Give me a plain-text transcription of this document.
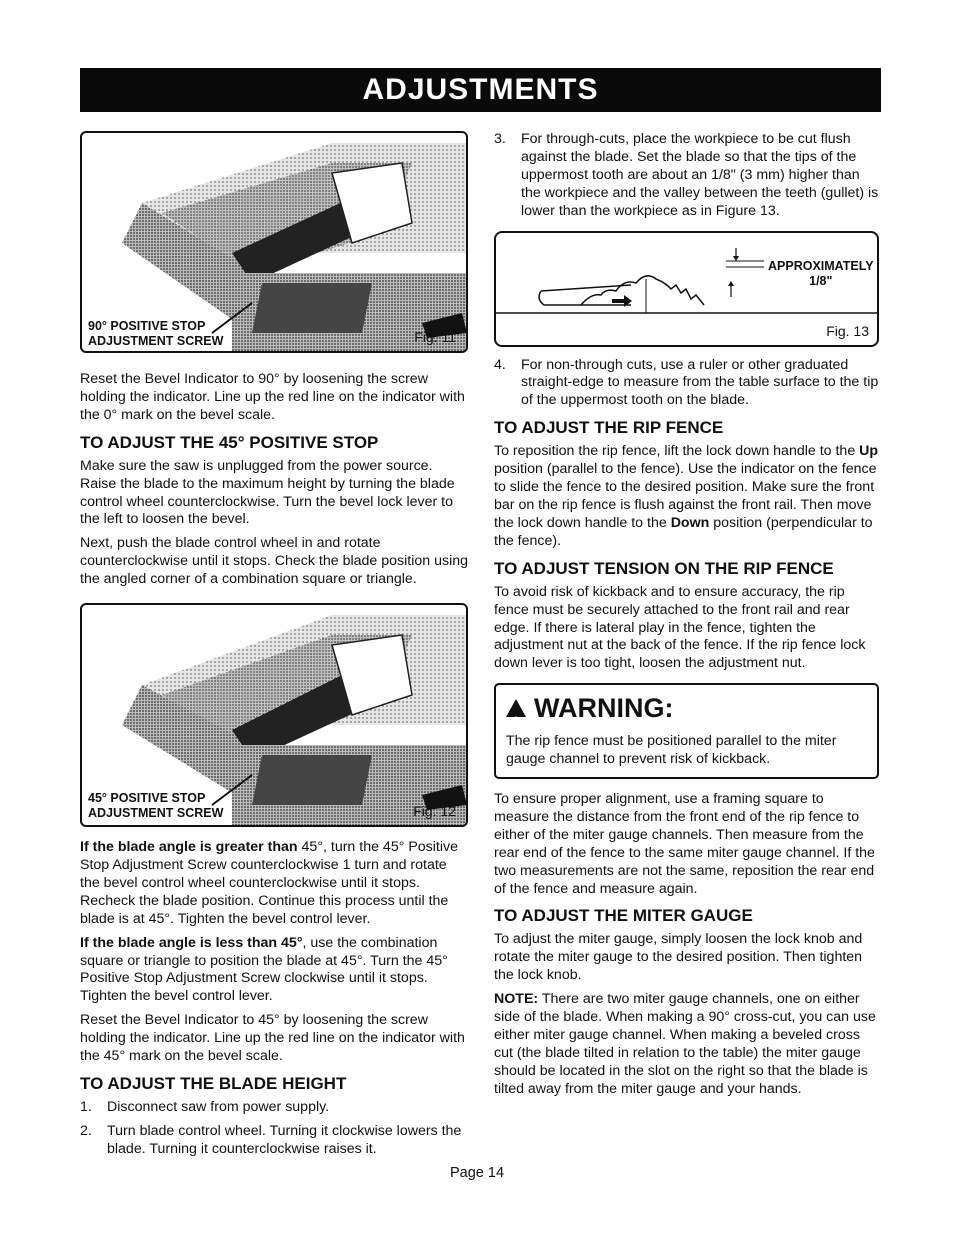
ADJUSTMENTS
90° POSITIVE STOP
ADJUSTMENT SCREW	Fig. 11

Reset the Bevel Indicator to 90° by loosening the screw holding the indicator. Line up the red line on the indicator with the 0° mark on the bevel scale.

TO ADJUST THE 45° POSITIVE STOP

Make sure the saw is unplugged from the power source. Raise the blade to the maximum height by turning the blade control wheel counterclockwise. Turn the bevel lock lever to the left to loosen the bevel.

Next, push the blade control wheel in and rotate counterclockwise until it stops. Check the blade position using the angled corner of a combination square or triangle.

45° POSITIVE STOP
ADJUSTMENT SCREW	Fig. 12

If the blade angle is greater than 45°, turn the 45° Positive Stop Adjustment Screw counterclockwise 1 turn and rotate the bevel control wheel counterclockwise until it stops. Recheck the blade position. Continue this process until the blade is at 45°. Tighten the bevel control lever.

If the blade angle is less than 45°, use the combination square or triangle to position the blade at 45°. Turn the 45° Positive Stop Adjustment Screw clockwise until it stops. Tighten the bevel control lever.

Reset the Bevel Indicator to 45° by loosening the screw holding the indicator. Line up the red line on the indicator with the 45° mark on the bevel scale.

TO ADJUST THE BLADE HEIGHT
1. Disconnect saw from power supply.
2. Turn blade control wheel. Turning it clockwise lowers the blade. Turning it counterclockwise raises it.
3. For through-cuts, place the workpiece to be cut flush against the blade. Set the blade so that the tips of the uppermost tooth are about an 1/8" (3 mm) higher than the workpiece and the valley between the teeth (gullet) is lower than the workpiece as in Figure 13.
APPROXIMATELY
1/8"
Fig. 13
4. For non-through cuts, use a ruler or other graduated straight-edge to measure from the table surface to the tip of the uppermost tooth on the blade.
TO ADJUST THE RIP FENCE

To reposition the rip fence, lift the lock down handle to the Up position (parallel to the fence). Use the indicator on the fence to slide the fence to the desired position. Make sure the front bar on the rip fence is flush against the front rail. Then move the lock down handle to the Down position (perpendicular to the fence).

TO ADJUST TENSION ON THE RIP FENCE

To avoid risk of kickback and to ensure accuracy, the rip fence must be securely attached to the front rail and rear edge. If there is lateral play in the fence, tighten the adjustment nut at the back of the fence. If the rip fence lock down lever is too tight, loosen the adjustment nut.

! WARNING:
The rip fence must be positioned parallel to the miter gauge channel to prevent risk of kickback.

To ensure proper alignment, use a framing square to measure the distance from the front end of the rip fence to either of the miter gauge channels. Then measure from the rear end of the fence to the same miter gauge channel. If the two measurements are not the same, reposition the rear end of the fence and measure again.

TO ADJUST THE MITER GAUGE

To adjust the miter gauge, simply loosen the lock knob and rotate the miter gauge to the desired position. Then tighten the lock knob.

NOTE: There are two miter gauge channels, one on either side of the blade. When making a 90° cross-cut, you can use either miter gauge channel. When making a beveled cross cut (the blade tilted in relation to the table) the miter gauge should be located in the slot on the right so that the blade is tilted away from the miter gauge and your hands.

Page 14
